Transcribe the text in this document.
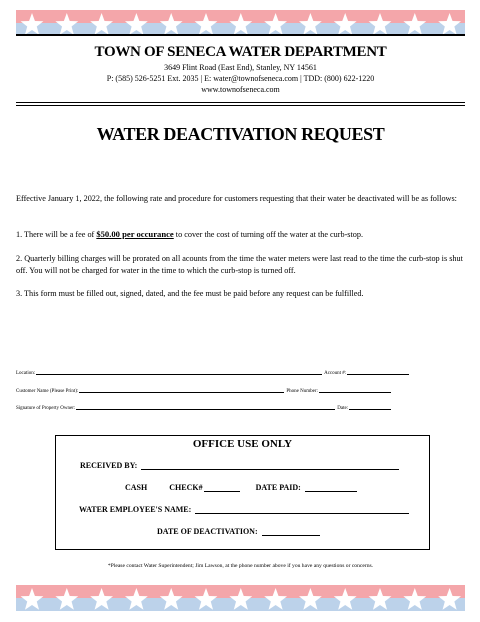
TOWN OF SENECA WATER DEPARTMENT
3649 Flint Road (East End), Stanley, NY 14561
P: (585) 526-5251 Ext. 2035 | E: water@townofseneca.com | TDD: (800) 622-1220
www.townofseneca.com
WATER DEACTIVATION REQUEST
Effective January 1, 2022, the following rate and procedure for customers requesting that their water be deactivated will be as follows:
1. There will be a fee of $50.00 per occurance to cover the cost of turning off the water at the curb-stop.
2. Quarterly billing charges will be prorated on all acounts from the time the water meters were last read to the time the curb-stop is shut off. You will not be charged for water in the time to which the curb-stop is turned off.
3. This form must be filled out, signed, dated, and the fee must be paid before any request can be fulfilled.
Location:	Account #:
Customer Name (Please Print):	Phone Number:
Signature of Property Owner:	Date:
OFFICE USE ONLY
RECEIVED BY:
CASH	CHECK#	DATE PAID:
WATER EMPLOYEE'S NAME:
DATE OF DEACTIVATION:
*Please contact Water Superintendent; Jim Lawson, at the phone number above if you have any questions or concerns.
